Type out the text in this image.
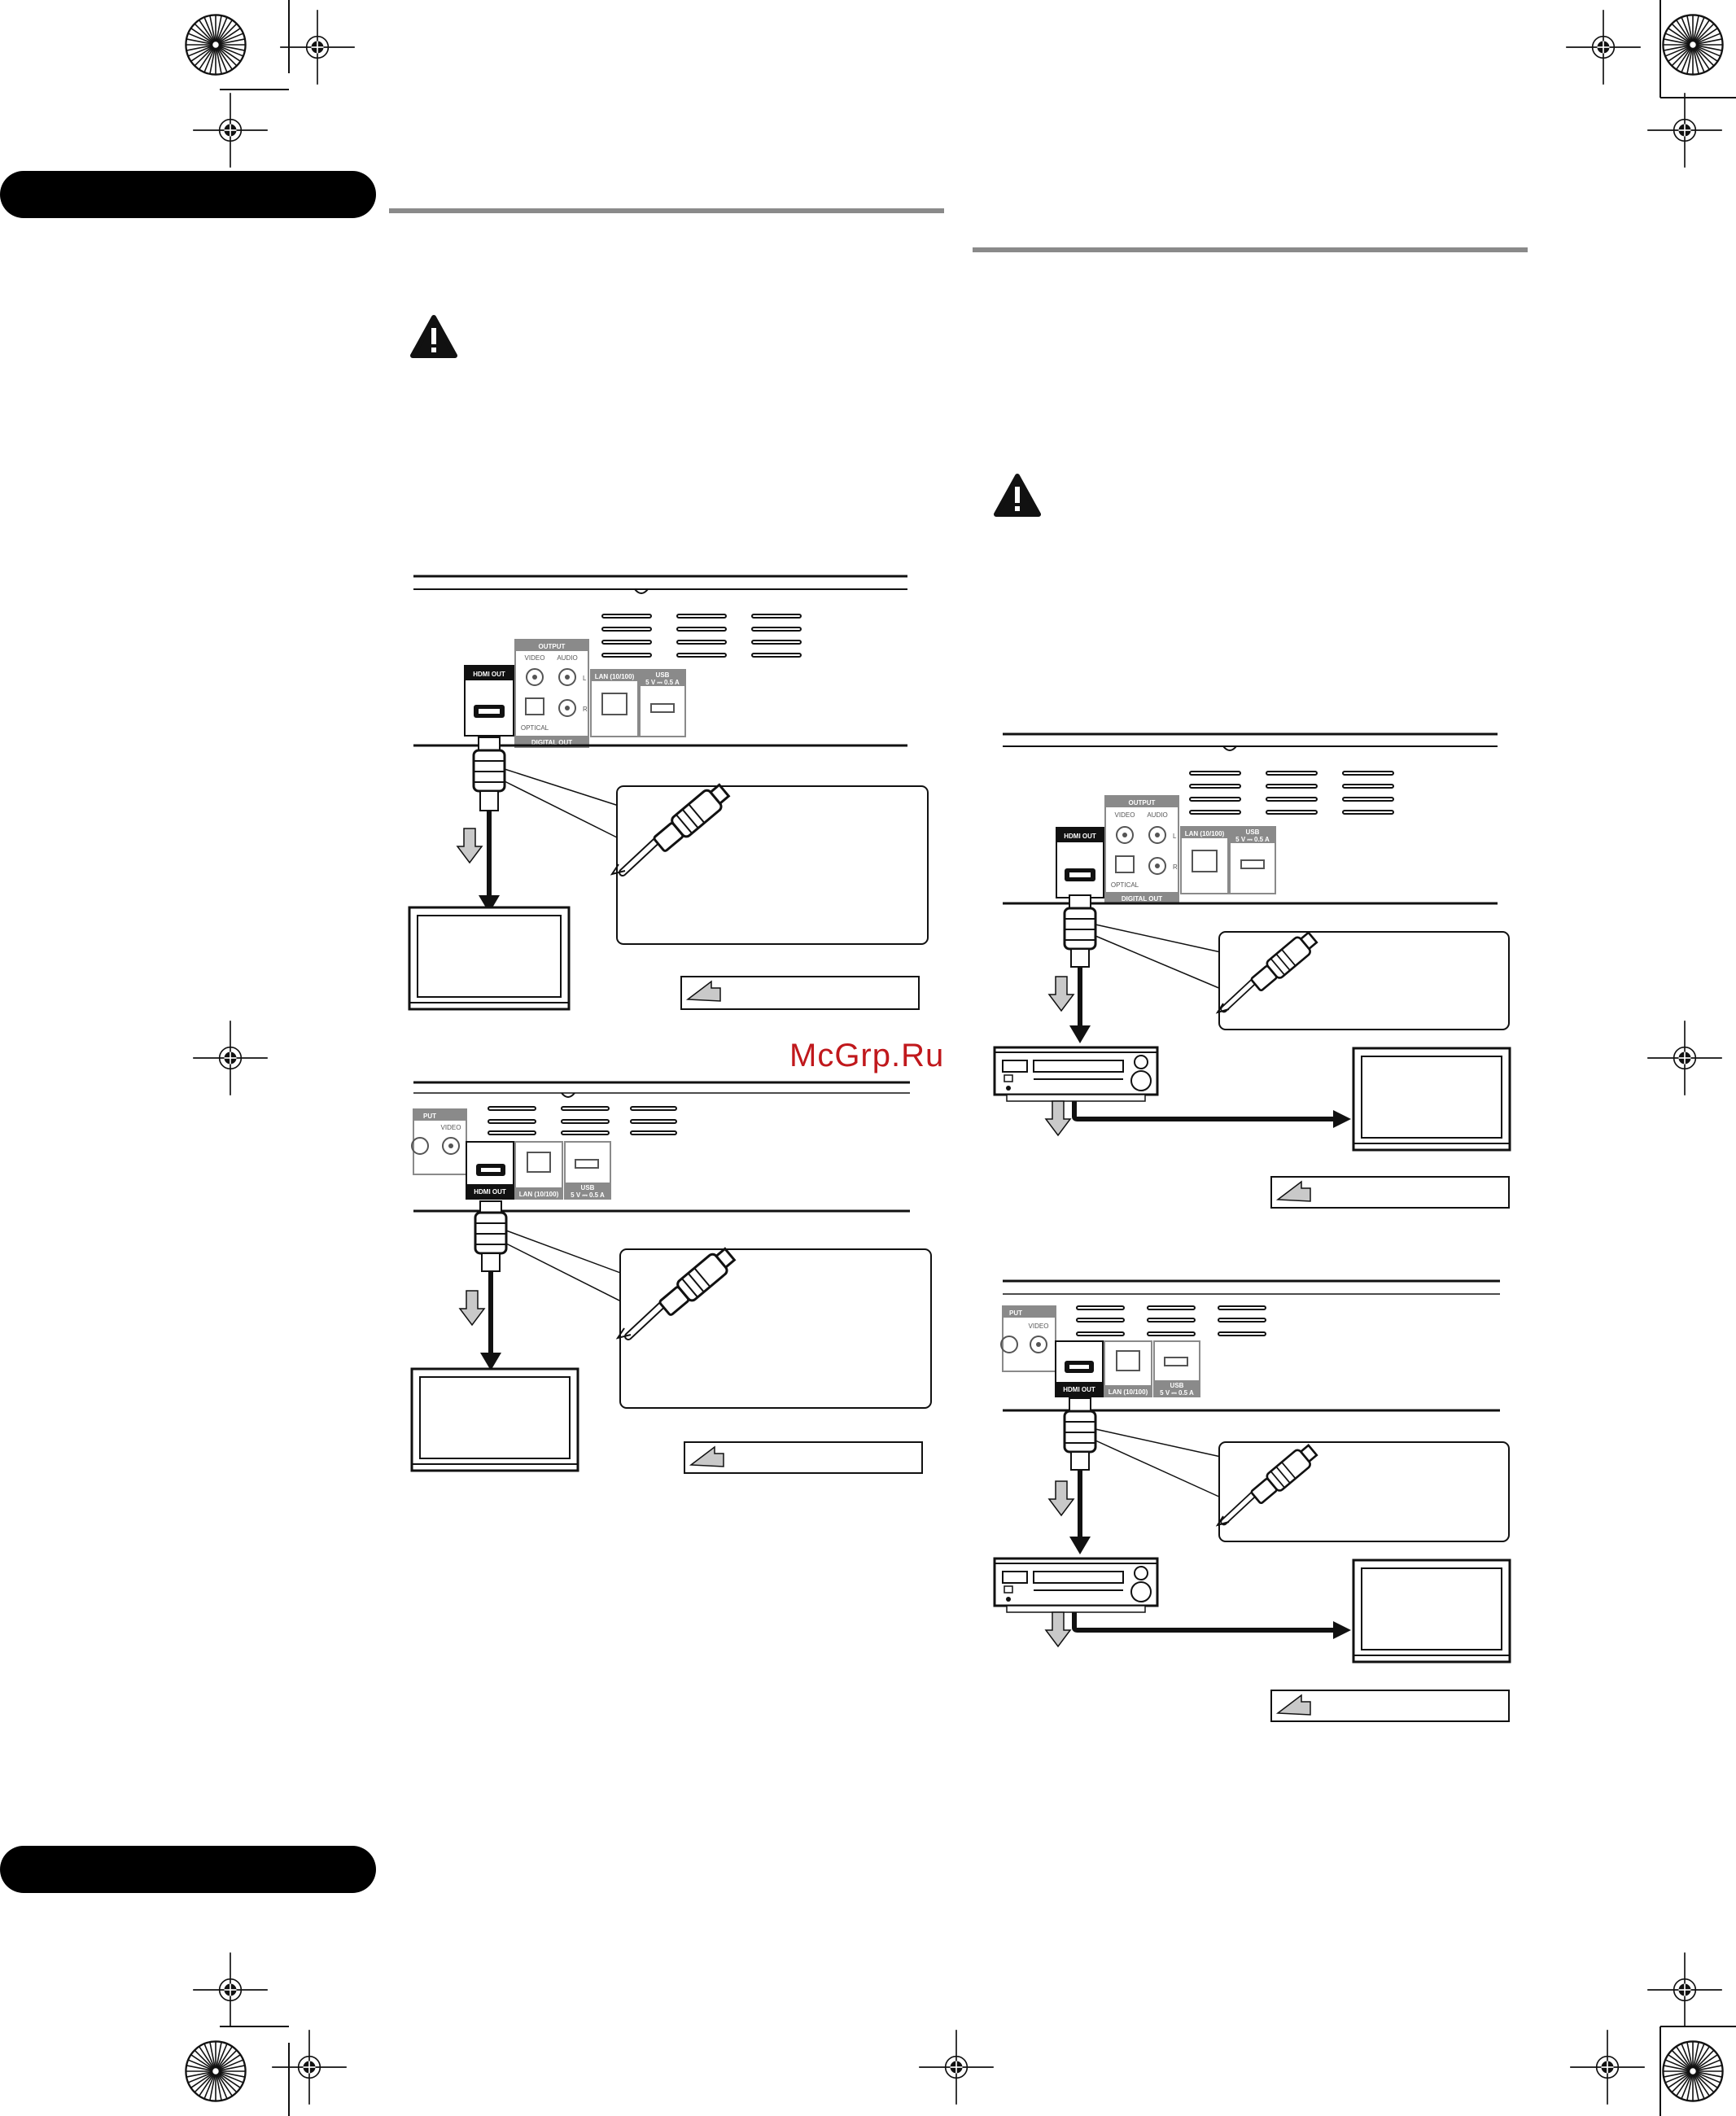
HDMI OUT
OUTPUT
VIDEO AUDIO
L
R
OPTICAL
DIGITAL OUT
LAN (10/100)	USB
5 V ⎓ 0.5 A
PUT
VIDEO
HDMI OUT LAN (10/100)
USB
5 V ⎓ 0.5 A
HDMI OUT
OUTPUT
VIDEO AUDIO
L
R
OPTICAL
DIGITAL OUT
LAN (10/100)	USB
5 V ⎓ 0.5 A
PUT
VIDEO
HDMI OUT LAN (10/100)
USB
5 V ⎓ 0.5 A
McGrp.Ru
